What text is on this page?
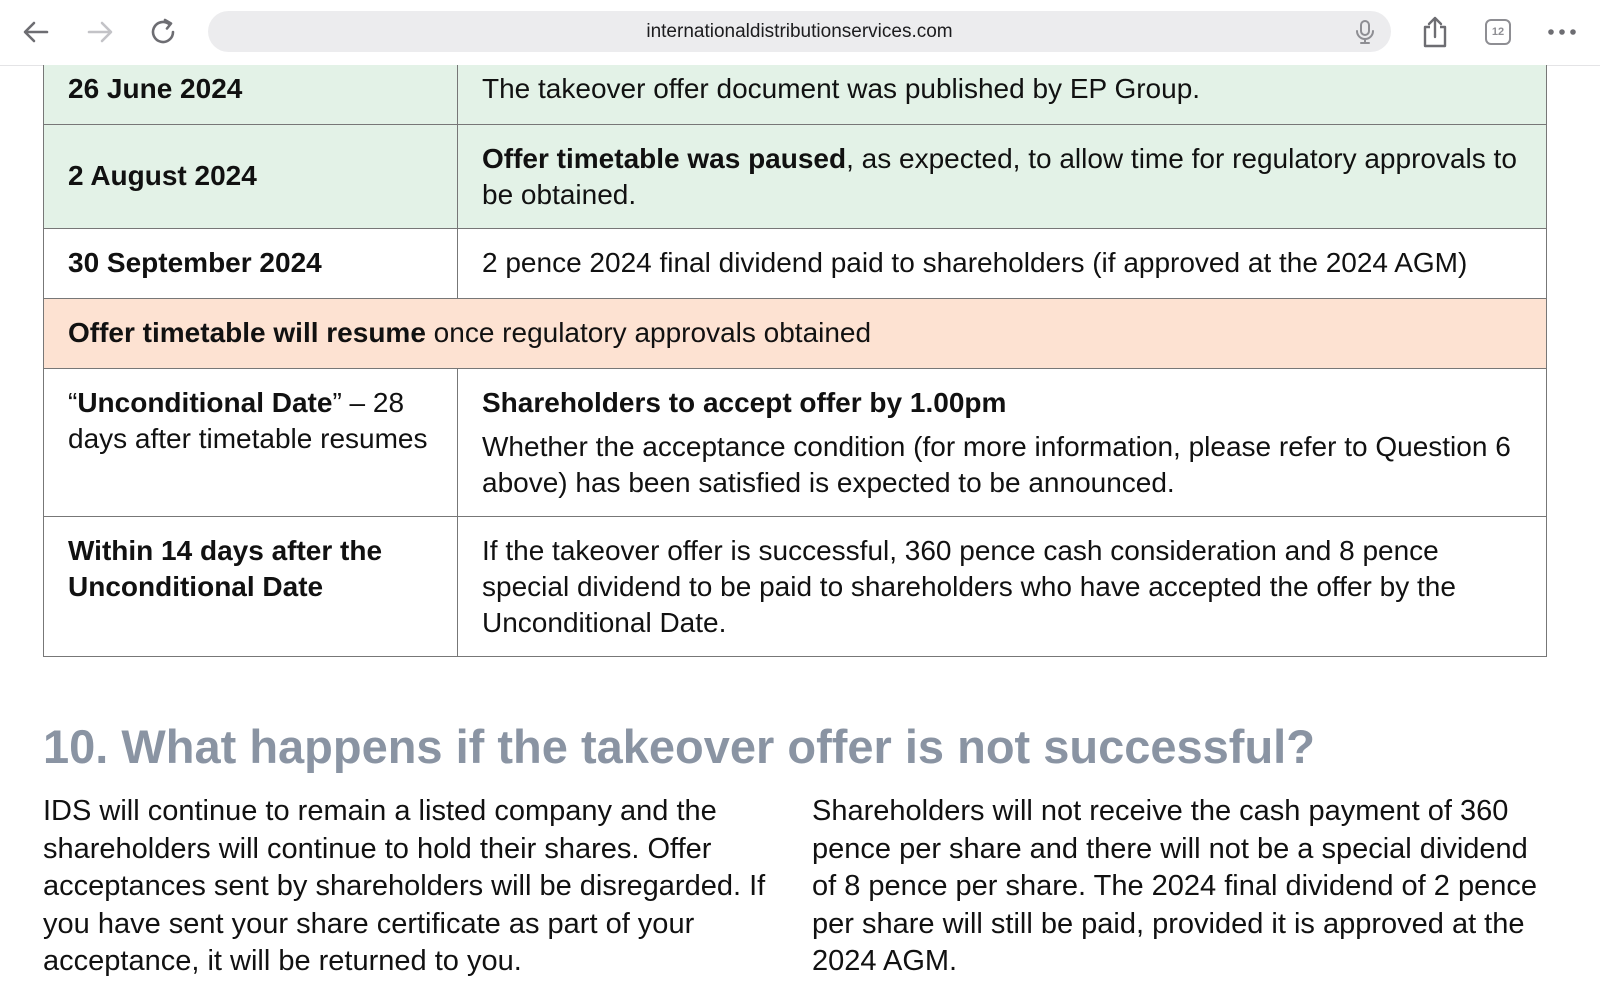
internationaldistributionservices.com	12
26 June 2024	The takeover offer document was published by EP Group.
2 August 2024	Offer timetable was paused, as expected, to allow time for regulatory approvals to be obtained.
30 September 2024	2 pence 2024 final dividend paid to shareholders (if approved at the 2024 AGM)
Offer timetable will resume once regulatory approvals obtained	
“Unconditional Date” – 28 days after timetable resumes	Shareholders to accept offer by 1.00pm
Whether the acceptance condition (for more information, please refer to Question 6 above) has been satisfied is expected to be announced.

Within 14 days after the Unconditional Date	If the takeover offer is successful, 360 pence cash consideration and 8 pence special dividend to be paid to shareholders who have accepted the offer by the Unconditional Date.
10. What happens if the takeover offer is not successful?

IDS will continue to remain a listed company and the shareholders will continue to hold their shares. Offer acceptances sent by shareholders will be disregarded. If you have sent your share certificate as part of your acceptance, it will be returned to you.

Shareholders will not receive the cash payment of 360 pence per share and there will not be a special dividend of 8 pence per share. The 2024 final dividend of 2 pence per share will still be paid, provided it is approved at the 2024 AGM.
